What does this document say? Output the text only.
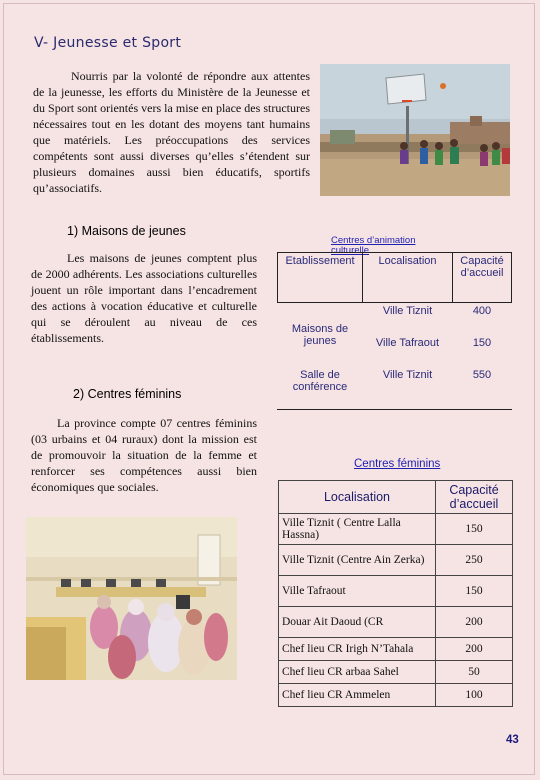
V- Jeunesse et Sport

Nourris par la volonté de répondre aux attentes de la jeunesse, les efforts du Ministère de la Jeunesse et du Sport sont orientés vers la mise en place des structures nécessaires tout en les dotant des moyens tant humains que matériels. Les préoccupations des services compétents sont aussi diverses qu’elles s’étendent sur plusieurs domaines aussi bien éducatifs, sportifs qu’associatifs.

1) Maisons de jeunes

Les maisons de jeunes comptent plus de 2000 adhérents. Les associations culturelles jouent un rôle important dans l’encadrement des actions à vocation éducative et culturelle qui se déroulent au niveau de ces établissements.

2) Centres féminins

La province compte 07 centres féminins (03 urbains et 04 ruraux) dont la mission est de promouvoir la situation de la femme et renforcer ses compétences aussi bien économiques que sociales.

Centres d’animation culturelle
Etablissement	Localisation	Capacité d’accueil
Maisons de jeunes	Ville Tiznit	400
	Ville Tafraout	150
Salle de conférence	Ville Tiznit	550

Centres féminins
Localisation	Capacité d’accueil
Ville Tiznit ( Centre Lalla Hassna)	150
Ville Tiznit (Centre Ain Zerka)	250
Ville Tafraout	150
Douar Ait Daoud (CR	200
Chef lieu CR Irigh N’Tahala	200
Chef lieu CR arbaa Sahel	50
Chef lieu CR Ammelen	100
43
